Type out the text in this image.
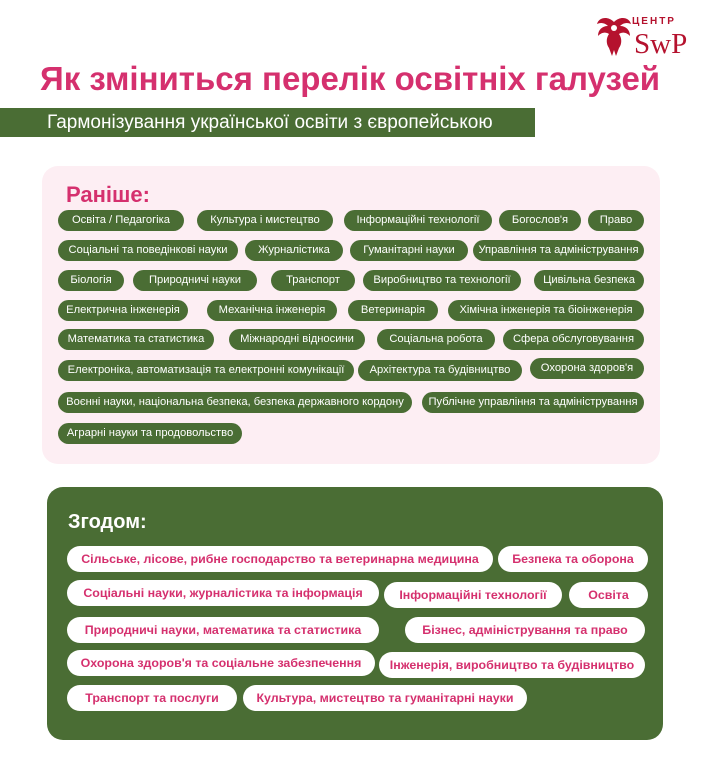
ЦЕНТР
SwP
Як зміниться перелік освітніх галузей
Гармонізування української освіти з європейською
Раніше:
Освіта / Педагогіка	Культура і мистецтво	Інформаційні технології	Богослов'я	Право
Соціальні та поведінкові науки	Журналістика	Гуманітарні науки	Управління та адміністрування
Біологія	Природничі науки	Транспорт	Виробництво та технології	Цивільна безпека
Електрична інженерія	Механічна інженерія	Ветеринарія	Хімічна інженерія та біоінженерія
Математика та статистика	Міжнародні відносини	Соціальна робота	Сфера обслуговування
Електроніка, автоматизація та електронні комунікації	Архітектура та будівництво	Охорона здоров'я
Воєнні науки, національна безпека, безпека державного кордону	Публічне управління та адміністрування
Аграрні науки та продовольство
Згодом:
Сільське, лісове, рибне господарство та ветеринарна медицина	Безпека та оборона
Соціальні науки, журналістика та інформація	Інформаційні технології	Освіта
Природничі науки, математика та статистика	Бізнес, адміністрування та право
Охорона здоров'я та соціальне забезпечення	Інженерія, виробництво та будівництво
Транспорт та послуги	Культура, мистецтво та гуманітарні науки
